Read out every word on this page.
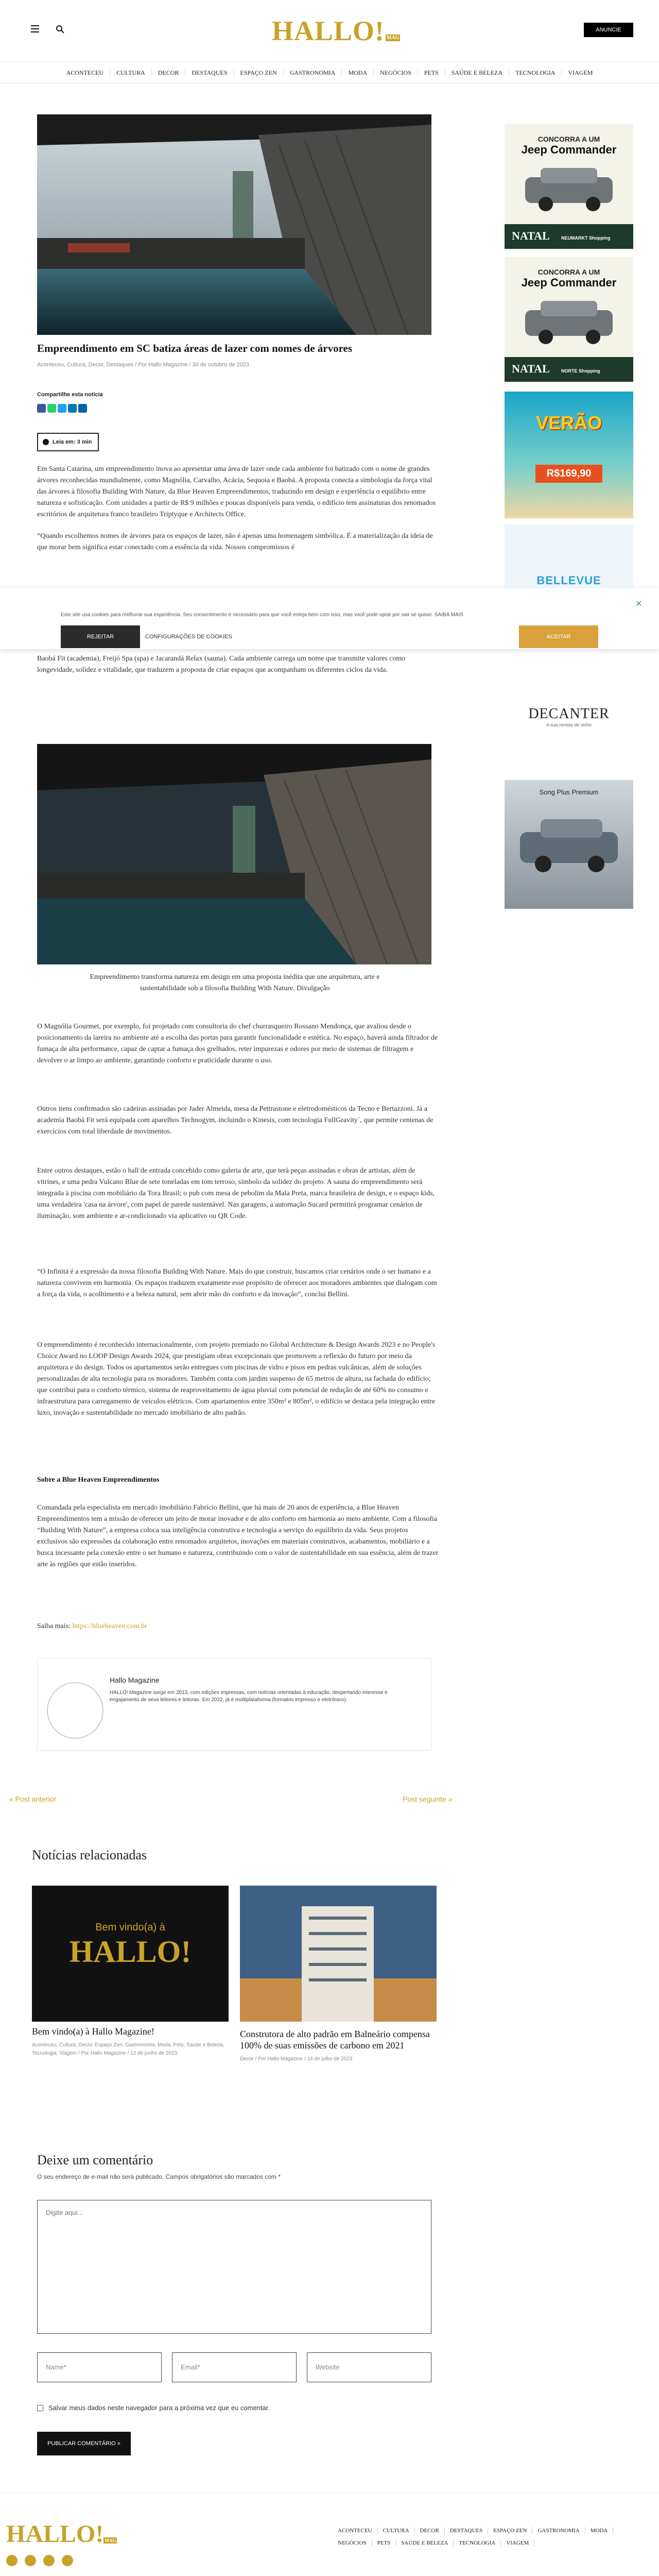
HALLO! $^{MAG}$
ANUNCIE
ACONTECEU	CULTURA	DECOR	DESTAQUES	ESPAÇO ZEN	GASTRONOMIA	MODA	NEGÓCIOS	PETS	SAÚDE E BELEZA	TECNOLOGIA	VIAGEM
Empreendimento em SC batiza áreas de lazer com nomes de árvores
Aconteceu, Cultura, Decor, Destaques / Por Hallo Magazine / 30 de outubro de 2023
Compartilhe esta notícia
Leia em: 3 min
Em Santa Catarina, um empreendimento inova ao apresentar uma área de lazer onde cada ambiente foi batizado com o nome de grandes árvores reconhecidas mundialmente, como Magnólia, Carvalho, Acácia, Sequoia e Baobá. A proposta conecta a simbologia da força vital das árvores à filosofia Building With Nature, da Blue Heaven Empreendimentos, traduzindo em design e experiência o equilíbrio entre natureza e sofisticação. Com unidades a partir de R$ 9 milhões e poucas disponíveis para venda, o edifício tem assinaturas dos renomados escritórios de arquitetura franco brasileiro Triptyque e Architects Office.
“Quando escolhemos nomes de árvores para os espaços de lazer, não é apenas uma homenagem simbólica. É a materialização da ideia de que morar bem significa estar conectado com a essência da vida. Nossos compromissos é
✕
Este site usa cookies para melhorar sua experiência. Seu consentimento é necessário para que você esteja bem com isso, mas você pode optar por sair se quiser. SAIBA MAIS
REJEITAR	CONFIGURAÇÕES DE COOKIES	ACEITAR
Baobá Fit (academia), Freijó Spa (spa) e Jacarandá Relax (sauna). Cada ambiente carrega um nome que transmite valores como longevidade, solidez e vitalidade, que traduzem a proposta de criar espaços que acompanham os diferentes ciclos da vida.
Empreendimento transforma natureza em design em uma proposta inédita que une arquitetura, arte e sustentabilidade sob a filosofia Building With Nature. Divulgação
O Magnólia Gourmet, por exemplo, foi projetado com consultoria do chef churrasqueiro Rossano Mendonça, que avaliou desde o posicionamento da lareira no ambiente até a escolha das portas para garantir funcionalidade e estética. No espaço, haverá ainda filtrador de fumaça de alta performance, capaz de captar a fumaça dos grelhados, reter impurezas e odores por meio de sistemas de filtragem e devolver o ar limpo ao ambiente, garantindo conforto e praticidade durante o uso.
Outros itens confirmados são cadeiras assinadas por Jader Almeida, mesa da Pettrastone e eletrodomésticos da Tecno e Bertazzoni. Já a academia Baobá Fit será equipada com aparelhos Technogym, incluindo o Kinesis, com tecnologia FullGravity´, que permite centenas de exercícios com total liberdade de movimentos.
Entre outros destaques, estão o hall de entrada concebido como galeria de arte, que terá peças assinadas e obras de artistas, além de vitrines, e uma pedra Vulcano Blue de sete toneladas em tom terroso, símbolo da solidez do projeto. A sauna do empreendimento será integrada à piscina com mobiliário da Tora Brasil; o pub com mesa de pebolim da Mala Preta, marca brasileira de design, e o espaço kids, uma verdadeira 'casa na árvore', com papel de parede sustentável. Nas garagens, a automação Sucard permitirá programar cenários de iluminação, som ambiente e ar-condicionado via aplicativo ou QR Code.
“O Infinitá é a expressão da nossa filosofia Building With Nature. Mais do que construir, buscamos criar cenários onde o ser humano e a natureza convivem em harmonia. Os espaços traduzem exatamente esse propósito de oferecer aos moradores ambientes que dialogam com a força da vida, o acolhimento e a beleza natural, sem abrir mão do conforto e da inovação”, conclui Bellini.
O empreendimento é reconhecido internacionalmente, com projeto premiado no Global Architecture & Design Awards 2023 e no People's Choice Award no LOOP Design Awards 2024, que prestigiam obras excepcionais que promovem a reflexão do futuro por meio da arquitetura e do design. Todos os apartamentos serão entregues com piscinas de vidro e pisos em pedras vulcânicas, além de soluções personalizadas de alta tecnologia para os moradores. Também conta com jardim suspenso de 65 metros de altura, na fachada do edifício; que contribui para o conforto térmico, sistema de reaproveitamento de água pluvial com potencial de redução de até 60% no consumo e infraestrutura para carregamento de veículos elétricos. Com apartamentos entre 350m² e 805m², o edifício se destaca pela integração entre luxo, inovação e sustentabilidade no mercado imobiliário de alto padrão.
Sobre a Blue Heaven Empreendimentos
Comandada pela especialista em mercado imobiliário Fabrício Bellini, que há mais de 20 anos de experiência, a Blue Heaven Empreendimentos tem a missão de oferecer um jeito de morar inovador e de alto conforto em harmonia ao meio ambiente. Com a filosofia “Building With Nature”, a empresa coloca sua inteligência construtiva e tecnologia a serviço do equilíbrio da vida. Seus projetos exclusivos são expressões da colaboração entre renomados arquitetos, inovações em materiais construtivos, acabamentos, mobiliário e a busca incessante pela conexão entre o ser humano e natureza, contribuindo com o valor de sustentabilidade em sua essência, além de trazer arte às regiões que estão inseridos.
Saiba mais: https://blueheaven.com.br
CONCORRA A UM
Jeep Commander
NATAL	NEUMARKT Shopping
CONCORRA A UM
Jeep Commander
NATAL	NORTE Shopping
VERÃO
R$169,90
BELLEVUE
DECANTER
A sua revista de vinho
Song Plus Premium
Hallo Magazine
HALLO! Magazine surge em 2013, com edições impressas, com notícias orientadas à educação, despertando interesse e engajamento de seus leitores e leitoras. Em 2022, já é multiplataforma (formatos impresso e eletrônico).
« Post anterior	Post seguinte »
Notícias relacionadas
Bem vindo(a) à
HALLO!
Bem vindo(a) à Hallo Magazine!
Aconteceu, Cultura, Decor, Espaço Zen, Gastronomia, Moda, Pets, Saúde e Beleza, Tecnologia, Viagem / Por Hallo Magazine / 12 de junho de 2023
Construtora de alto padrão em Balneário compensa 100% de suas emissões de carbono em 2021
Decor / Por Hallo Magazine / 14 de julho de 2023
Deixe um comentário
O seu endereço de e-mail não será publicado. Campos obrigatórios são marcados com *
Digite aqui...
Name*	Email*	Website
Salvar meus dados neste navegador para a próxima vez que eu comentar.
PUBLICAR COMENTÁRIO »
HALLO! $^{MAG}$
ACONTECEU	CULTURA	DECOR	DESTAQUES	ESPAÇO ZEN	GASTRONOMIA	MODA
NEGÓCIOS	PETS	SAÚDE E BELEZA	TECNOLOGIA	VIAGEM
